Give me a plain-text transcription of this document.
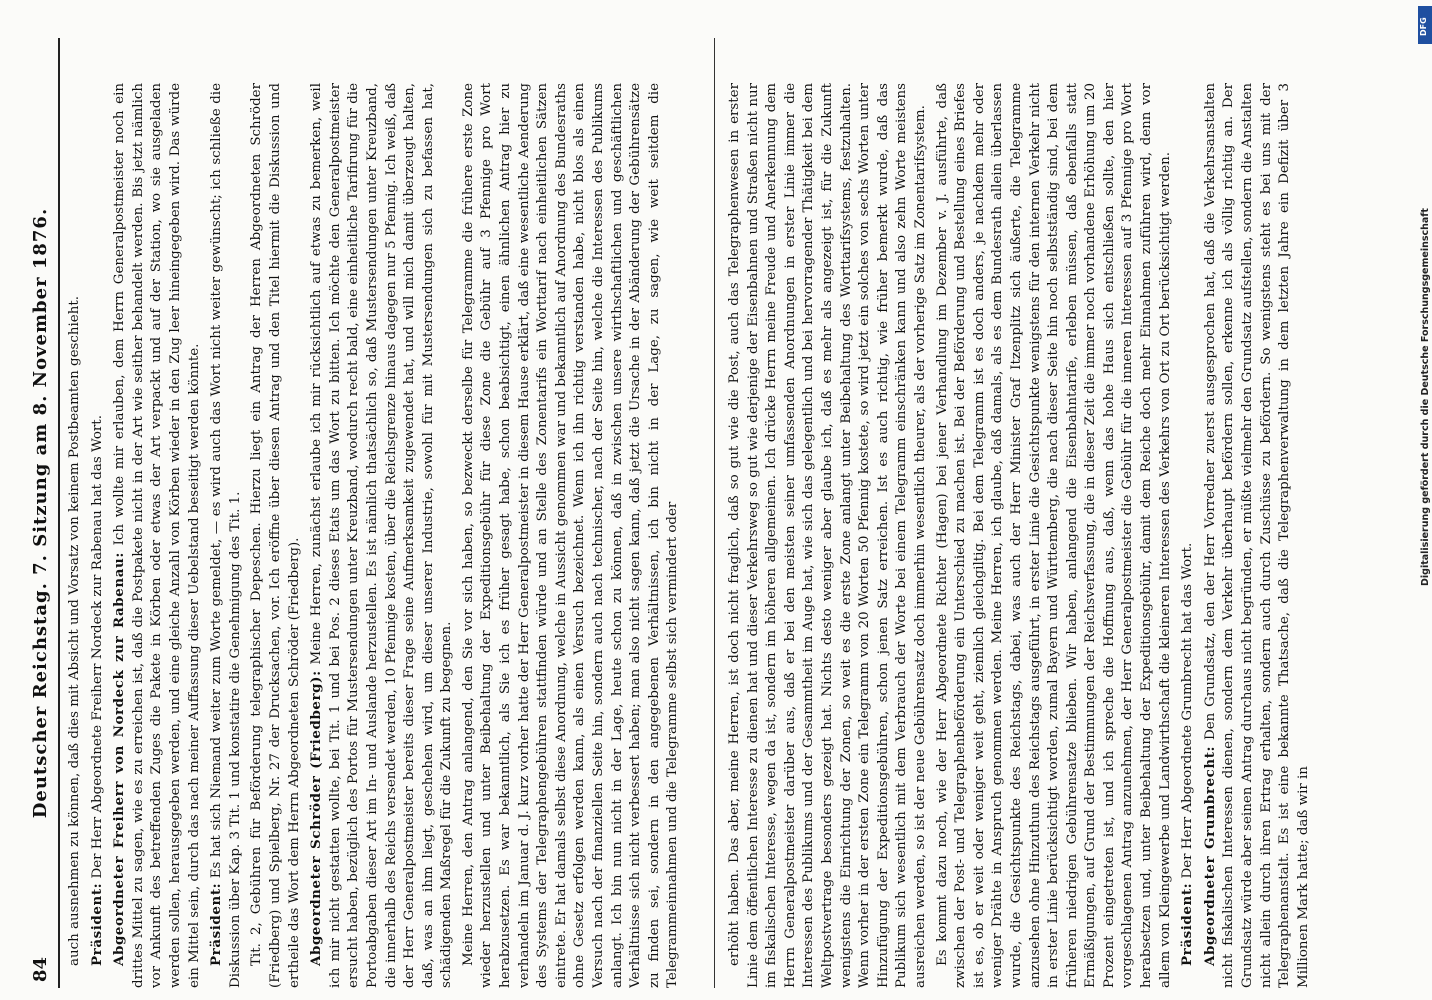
84
Deutscher Reichstag. 7. Sitzung am 8. November 1876. auch ausnehmen zu können, daß dies mit Absicht und Vorsatz von keinem Postbeamten geschieht. Präsident: Der Herr Abgeordnete Freiherr Nordeck zur Rabenau hat das Wort. Abgeordneter Freiherr von Nordeck zur Rabenau: Ich wollte mir erlauben, dem Herrn Generalpostmeister noch ein drittes Mittel zu sagen, wie es zu erreichen ist, daß die Postpakete nicht in der Art wie seither behandelt werden. Bis jetzt nämlich vor Ankunft des betreffenden Zuges die Pakete in Körben oder etwas der Art verpackt und auf der Station, wo sie ausgeladen werden sollen, herausgegeben werden, und eine gleiche Anzahl von Körben wieder in den Zug leer hineingegeben wird. Das würde ein Mittel sein, durch das nach meiner Auffassung dieser Uebelstand beseitigt werden könnte. Präsident: Es hat sich Niemand weiter zum Worte gemeldet, — es wird auch das Wort nicht weiter gewünscht; ich schließe die Diskussion über Kap. 3 Tit. 1 und konstatire die Genehmigung des Tit. 1. Tit. 2, Gebühren für Beförderung telegraphischer Depeschen. Hierzu liegt ein Antrag der Herren Abgeordneten Schröder (Friedberg) und Spielberg, Nr. 27 der Drucksachen, vor. Ich eröffne über diesen Antrag und den Titel hiermit die Diskussion und ertheile das Wort dem Herrn Abgeordneten Schröder (Friedberg). Abgeordneter Schröder (Friedberg): Meine Herren, zunächst erlaube ich mir rücksichtlich auf etwas zu bemerken, weil ich mir nicht gestatten wollte, bei Tit. 1 und bei Pos. 2 dieses Etats um das Wort zu bitten. Ich möchte den Generalpostmeister ersucht haben, bezüglich des Portos für Mustersendungen unter Kreuzband, wodurch recht bald, eine einheitliche Tarifirung für die Portoabgaben dieser Art im In- und Auslande herzustellen. Es ist nämlich thatsächlich so, daß Mustersendungen unter Kreuzband, die innerhalb des Reichs versendet werden, 10 Pfennige kosten, über die Reichsgrenze hinaus dagegen nur 5 Pfennig. Ich weiß, daß der Herr Generalpostmeister bereits dieser Frage seine Aufmerksamkeit zugewendet hat, und will mich damit überzeugt halten, daß, was an ihm liegt, geschehen wird, um dieser unserer Industrie, sowohl für mit Mustersendungen sich zu befassen hat, schädigenden Maßregel für die Zukunft zu begegnen. Meine Herren, den Antrag anlangend, den Sie vor sich haben, so bezweckt derselbe für Telegramme die frühere erste Zone wieder herzustellen und unter Beibehaltung der Expeditionsgebühr für diese Zone die Gebühr auf 3 Pfennige pro Wort herabzusetzen. Es war bekanntlich, als Sie ich es früher gesagt habe, schon beabsichtigt, einen ähnlichen Antrag hier zu verhandeln im Januar d. J. kurz vorher hatte der Herr Generalpostmeister in diesem Hause erklärt, daß eine wesentliche Aenderung des Systems der Telegraphengebühren stattfinden würde und an Stelle des Zonentarifs ein Worttarif nach einheitlichen Sätzen eintrete. Er hat damals selbst diese Anordnung, welche in Aussicht genommen war und bekanntlich auf Anordnung des Bundesraths ohne Gesetz erfolgen werden kann, als einen Versuch bezeichnet. Wenn ich ihn richtig verstanden habe, nicht blos als einen Versuch nach der finanziellen Seite hin, sondern auch nach technischer, nach der Seite hin, welche die Interessen des Publikums anlangt. Ich bin nun nicht in der Lage, heute schon zu können, daß in zwischen unsere wirthschaftlichen und geschäftlichen Verhältnisse sich nicht verbessert haben; man also nicht sagen kann, daß jetzt die Ursache in der Abänderung der Gebührensätze zu finden sei, sondern in den angegebenen Verhältnissen, ich bin nicht in der Lage, zu sagen, wie weit seitdem die Telegrammeinnahmen und die Telegramme selbst sich vermindert oder	erhöht haben. Das aber, meine Herren, ist doch nicht fraglich, daß so gut wie die Post, auch das Telegraphenwesen in erster Linie dem öffentlichen Interesse zu dienen hat und dieser Verkehrsweg so gut wie derjenige der Eisenbahnen und Straßen nicht nur im fiskalischen Interesse, wegen da ist, sondern im höheren allgemeinen. Ich drücke Herrn meine Freude und Anerkennung dem Herrn Generalpostmeister darüber aus, daß er bei den meisten seiner umfassenden Anordnungen in erster Linie immer die Interessen des Publikums und der Gesammtheit im Auge hat, wie sich das gelegentlich und bei hervorragender Thätigkeit bei dem Weltpostvertrage besonders gezeigt hat. Nichts desto weniger aber glaube ich, daß es mehr als angezeigt ist, für die Zukunft wenigstens die Einrichtung der Zonen, so weit es die erste Zone anlangt unter Beibehaltung des Worttarifsystems, festzuhalten. Wenn vorher in der ersten Zone ein Telegramm von 20 Worten 50 Pfennig kostete, so wird jetzt ein solches von sechs Worten unter Hinzufügung der Expeditionsgebühren, schon jenen Satz erreichen. Ist es auch richtig, wie früher bemerkt wurde, daß das Publikum sich wesentlich mit dem Verbrauch der Worte bei einem Telegramm einschränken kann und also zehn Worte meistens ausreichen werden, so ist der neue Gebührensatz doch immerhin wesentlich theurer, als der vorherige Satz im Zonentarifsystem. Es kommt dazu noch, wie der Herr Abgeordnete Richter (Hagen) bei jener Verhandlung im Dezember v. J. ausführte, daß zwischen der Post- und Telegraphenbeförderung ein Unterschied zu machen ist. Bei der Beförderung und Bestellung eines Briefes ist es, ob er weit oder weniger weit geht, ziemlich gleichgiltig. Bei dem Telegramm ist es doch anders, je nachdem mehr oder weniger Drähte in Anspruch genommen werden. Meine Herren, ich glaube, daß damals, als es dem Bundesrath allein überlassen wurde, die Gesichtspunkte des Reichstags, dabei, was auch der Herr Minister Graf Itzenplitz sich äußerte, die Telegramme anzusehen ohne Hinzuthun des Reichstags ausgeführt, in erster Linie die Gesichtspunkte wenigstens für den internen Verkehr nicht in erster Linie berücksichtigt worden, zumal Bayern und Württemberg, die nach dieser Seite hin noch selbstständig sind, bei dem früheren niedrigen Gebührensatze blieben. Wir haben, anlangend die Eisenbahntarife, erleben müssen, daß ebenfalls statt Ermäßigungen, auf Grund der Bestimmungen der Reichsverfassung, die in dieser Zeit die immer noch vorhandene Erhöhung um 20 Prozent eingetreten ist, und ich spreche die Hoffnung aus, daß, wenn das hohe Haus sich entschließen sollte, den hier vorgeschlagenen Antrag anzunehmen, der Herr Generalpostmeister die Gebühr für die inneren Interessen auf 3 Pfennige pro Wort herabsetzen und, unter Beibehaltung der Expeditionsgebühr, damit dem Reiche doch mehr Einnahmen zuführen wird, denn vor allem von Kleingewerbe und Landwirthschaft die kleineren Interessen des Verkehrs von Ort zu Ort berücksichtigt werden. Präsident: Der Herr Abgeordnete Grumbrecht hat das Wort. Abgeordneter Grumbrecht: Den Grundsatz, den der Herr Vorredner zuerst ausgesprochen hat, daß die Verkehrsanstalten nicht fiskalischen Interessen dienen, sondern dem Verkehr überhaupt befördern sollen, erkenne ich als völlig richtig an. Der Grundsatz würde aber seinen Antrag durchaus nicht begründen, er müßte vielmehr den Grundsatz aufstellen, sondern die Anstalten nicht allein durch ihren Ertrag erhalten, sondern auch durch Zuschüsse zu befördern. So wenigstens steht es bei uns mit der Telegraphenanstalt. Es ist eine bekannte Thatsache, daß die Telegraphenverwaltung in dem letzten Jahre ein Defizit über 3 Millionen Mark hatte; daß wir in

DFG
Digitalisierung gefördert durch die Deutsche Forschungsgemeinschaft
